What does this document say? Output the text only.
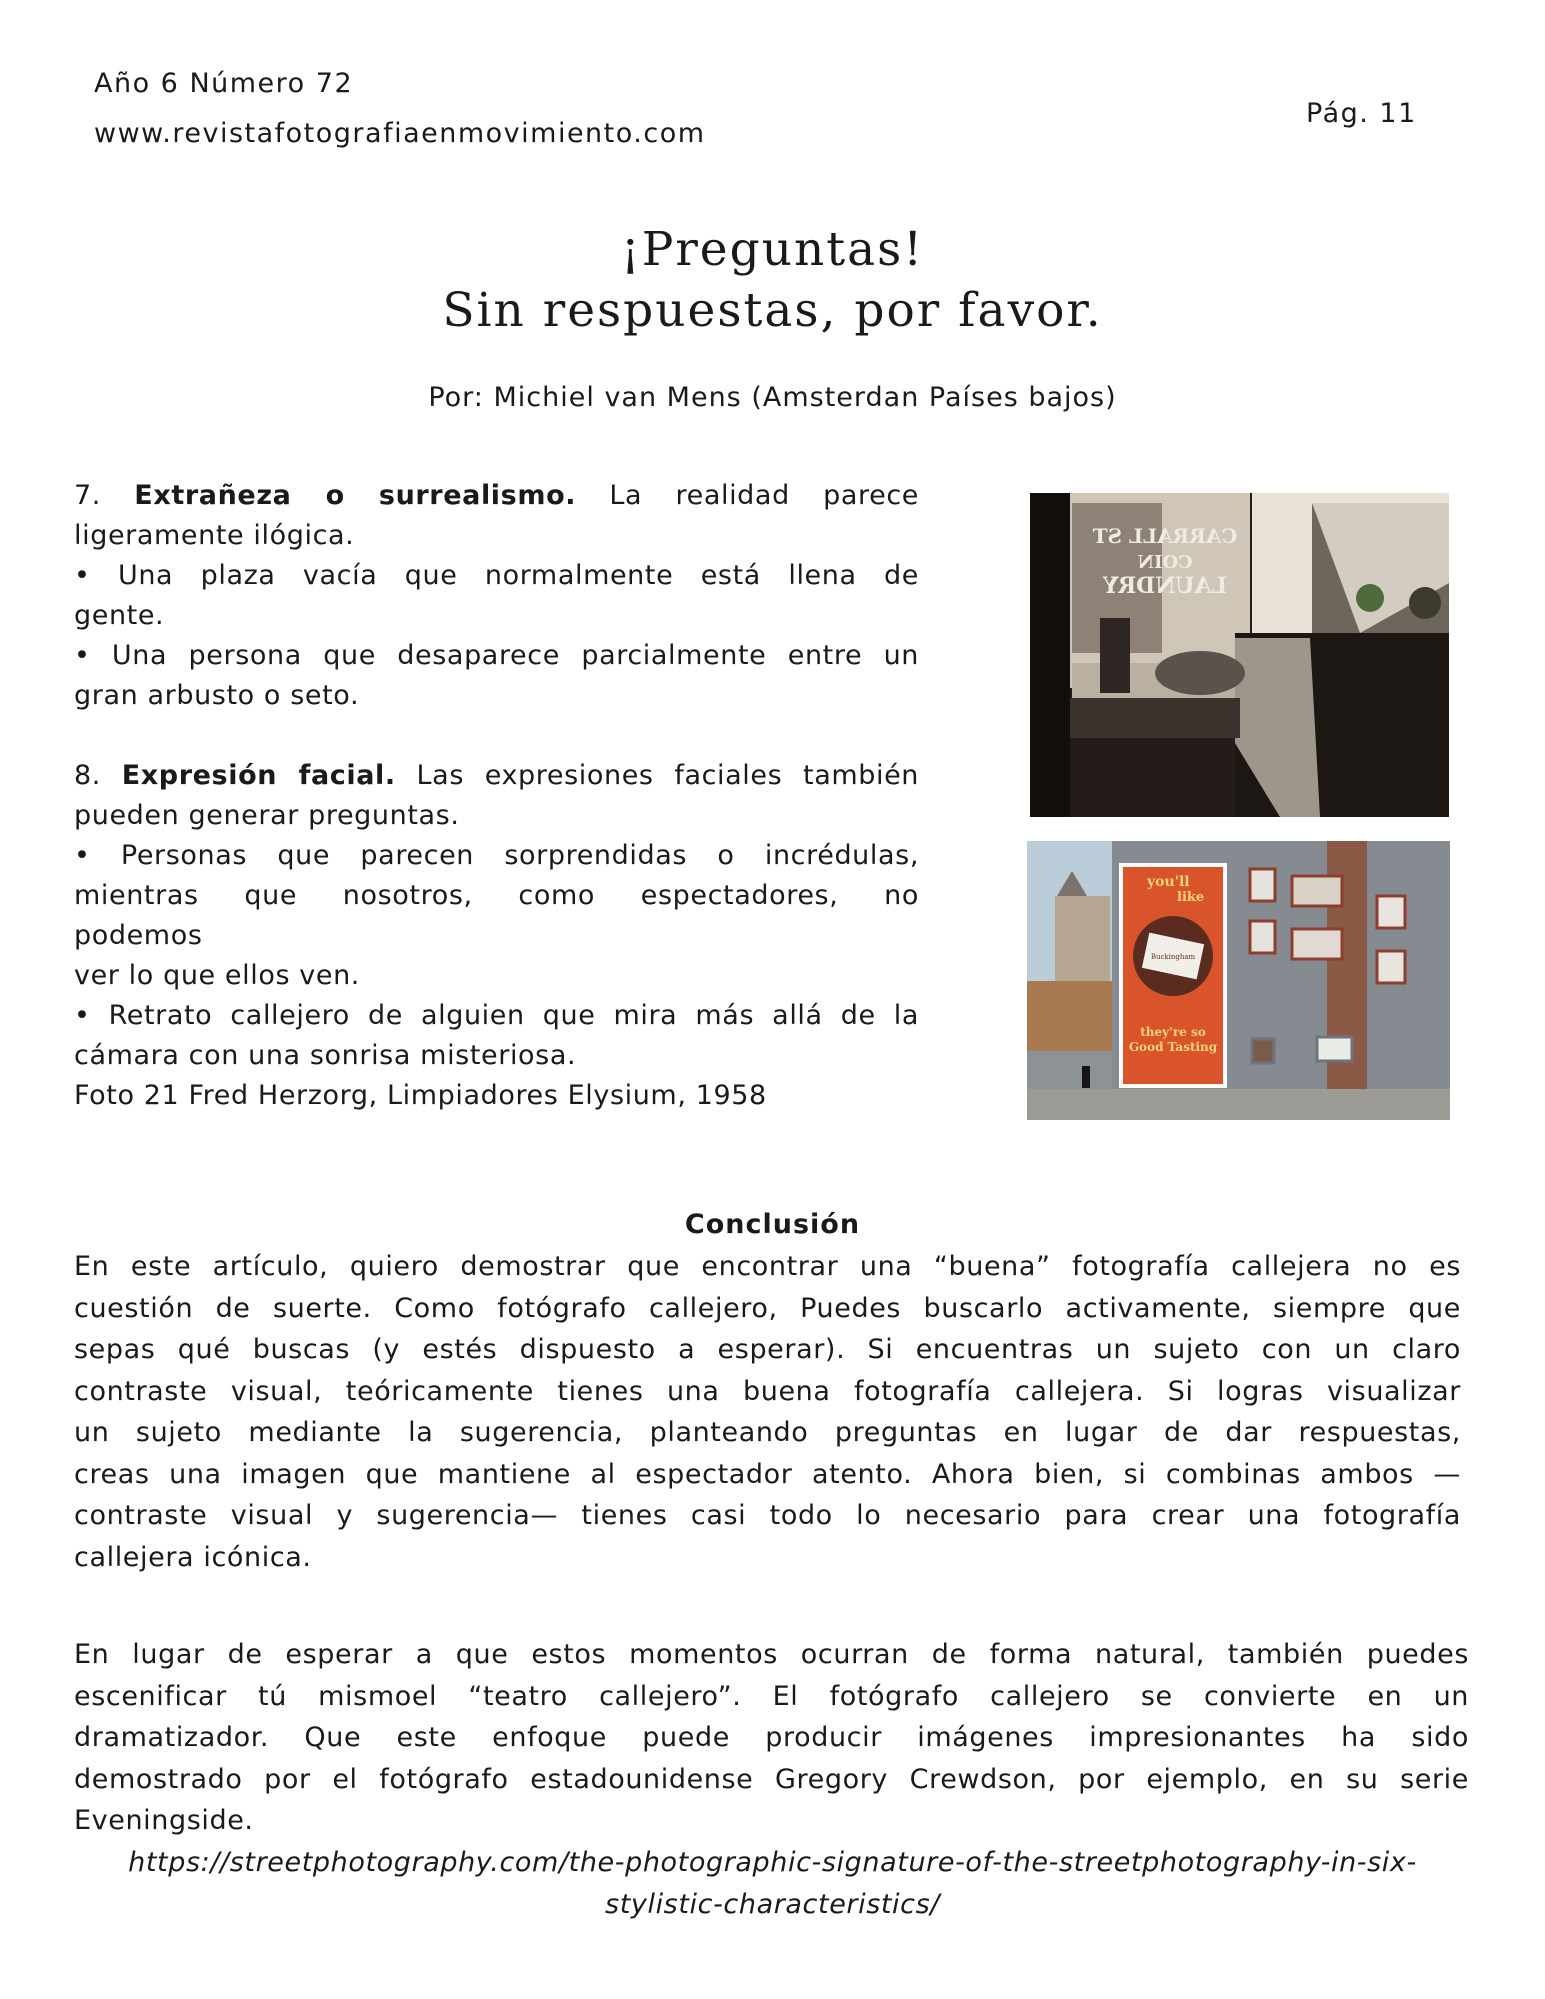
Año 6 Número 72
www.revistafotografiaenmovimiento.com
Pág. 11
¡Preguntas!
Sin respuestas, por favor.
Por: Michiel van Mens (Amsterdan Países bajos)
7. Extrañeza o surrealismo. La realidad parece
ligeramente ilógica.
• Una plaza vacía que normalmente está llena de
gente.
• Una persona que desaparece parcialmente entre un
gran arbusto o seto.
8. Expresión facial. Las expresiones faciales también
pueden generar preguntas.
• Personas que parecen sorprendidas o incrédulas,
mientras que nosotros, como espectadores, no
podemos
ver lo que ellos ven.
• Retrato callejero de alguien que mira más allá de la
cámara con una sonrisa misteriosa.
Foto 21 Fred Herzorg, Limpiadores Elysium, 1958
CARRALL ST
COIN
LAUNDRY
you'll
like
Buckingham
they're so
Good Tasting
Conclusión
En este artículo, quiero demostrar que encontrar una “buena” fotografía callejera no es
cuestión de suerte. Como fotógrafo callejero, Puedes buscarlo activamente, siempre que
sepas qué buscas (y estés dispuesto a esperar). Si encuentras un sujeto con un claro
contraste visual, teóricamente tienes una buena fotografía callejera. Si logras visualizar
un sujeto mediante la sugerencia, planteando preguntas en lugar de dar respuestas,
creas una imagen que mantiene al espectador atento. Ahora bien, si combinas ambos —
contraste visual y sugerencia— tienes casi todo lo necesario para crear una fotografía
callejera icónica.
En lugar de esperar a que estos momentos ocurran de forma natural, también puedes
escenificar tú mismoel “teatro callejero”. El fotógrafo callejero se convierte en un
dramatizador. Que este enfoque puede producir imágenes impresionantes ha sido
demostrado por el fotógrafo estadounidense Gregory Crewdson, por ejemplo, en su serie
Eveningside.
https://streetphotography.com/the-photographic-signature-of-the-streetphotography-in-six-
stylistic-characteristics/
